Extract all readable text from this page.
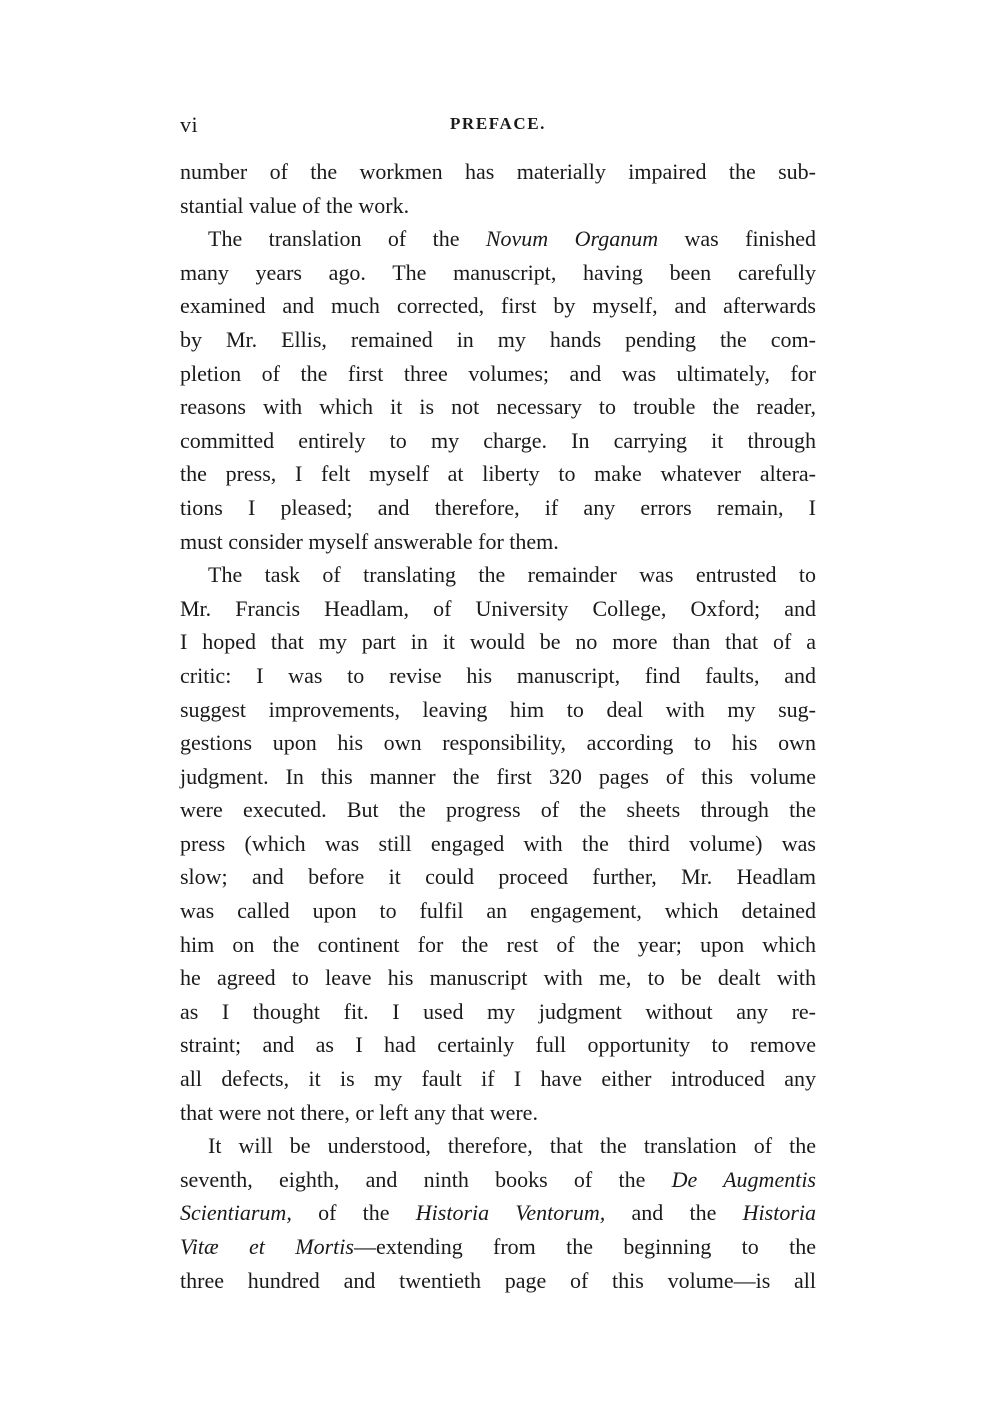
vi	PREFACE.
number of the workmen has materially impaired the sub-
stantial value of the work.
The translation of the Novum Organum was finished
many years ago. The manuscript, having been carefully
examined and much corrected, first by myself, and afterwards
by Mr. Ellis, remained in my hands pending the com-
pletion of the first three volumes; and was ultimately, for
reasons with which it is not necessary to trouble the reader,
committed entirely to my charge. In carrying it through
the press, I felt myself at liberty to make whatever altera-
tions I pleased; and therefore, if any errors remain, I
must consider myself answerable for them.
The task of translating the remainder was entrusted to
Mr. Francis Headlam, of University College, Oxford; and
I hoped that my part in it would be no more than that of a
critic: I was to revise his manuscript, find faults, and
suggest improvements, leaving him to deal with my sug-
gestions upon his own responsibility, according to his own
judgment. In this manner the first 320 pages of this volume
were executed. But the progress of the sheets through the
press (which was still engaged with the third volume) was
slow; and before it could proceed further, Mr. Headlam
was called upon to fulfil an engagement, which detained
him on the continent for the rest of the year; upon which
he agreed to leave his manuscript with me, to be dealt with
as I thought fit. I used my judgment without any re-
straint; and as I had certainly full opportunity to remove
all defects, it is my fault if I have either introduced any
that were not there, or left any that were.
It will be understood, therefore, that the translation of the
seventh, eighth, and ninth books of the De Augmentis
Scientiarum, of the Historia Ventorum, and the Historia
Vitæ et Mortis—extending from the beginning to the
three hundred and twentieth page of this volume—is all
